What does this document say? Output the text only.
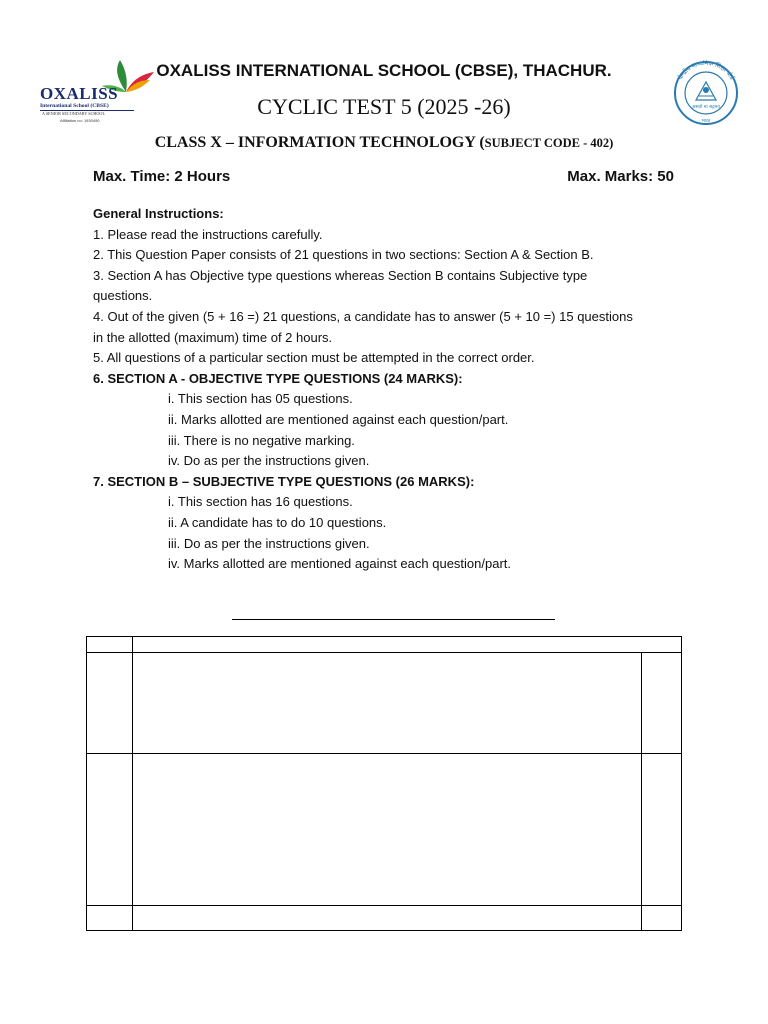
OXALISS
International School (CBSE)
A SENIOR SECONDARY SCHOOL
Affiliation no: 1930490
केन्द्रीय माध्यमिक शिक्षा बोर्ड
भारत
असतो मा सद्गमय
OXALISS INTERNATIONAL SCHOOL (CBSE), THACHUR.
CYCLIC TEST 5 (2025 -26)
CLASS X – INFORMATION TECHNOLOGY (SUBJECT CODE - 402)
Max. Time: 2 Hours	Max. Marks: 50
General Instructions:
1. Please read the instructions carefully.
2. This Question Paper consists of 21 questions in two sections: Section A & Section B.
3. Section A has Objective type questions whereas Section B contains Subjective type
questions.
4. Out of the given (5 + 16 =) 21 questions, a candidate has to answer (5 + 10 =) 15 questions
in the allotted (maximum) time of 2 hours.
5. All questions of a particular section must be attempted in the correct order.
6. SECTION A - OBJECTIVE TYPE QUESTIONS (24 MARKS):
i. This section has 05 questions.
ii. Marks allotted are mentioned against each question/part.
iii. There is no negative marking.
iv. Do as per the instructions given.
7. SECTION B – SUBJECTIVE TYPE QUESTIONS (26 MARKS):
i. This section has 16 questions.
ii. A candidate has to do 10 questions.
iii. Do as per the instructions given.
iv. Marks allotted are mentioned against each question/part.
